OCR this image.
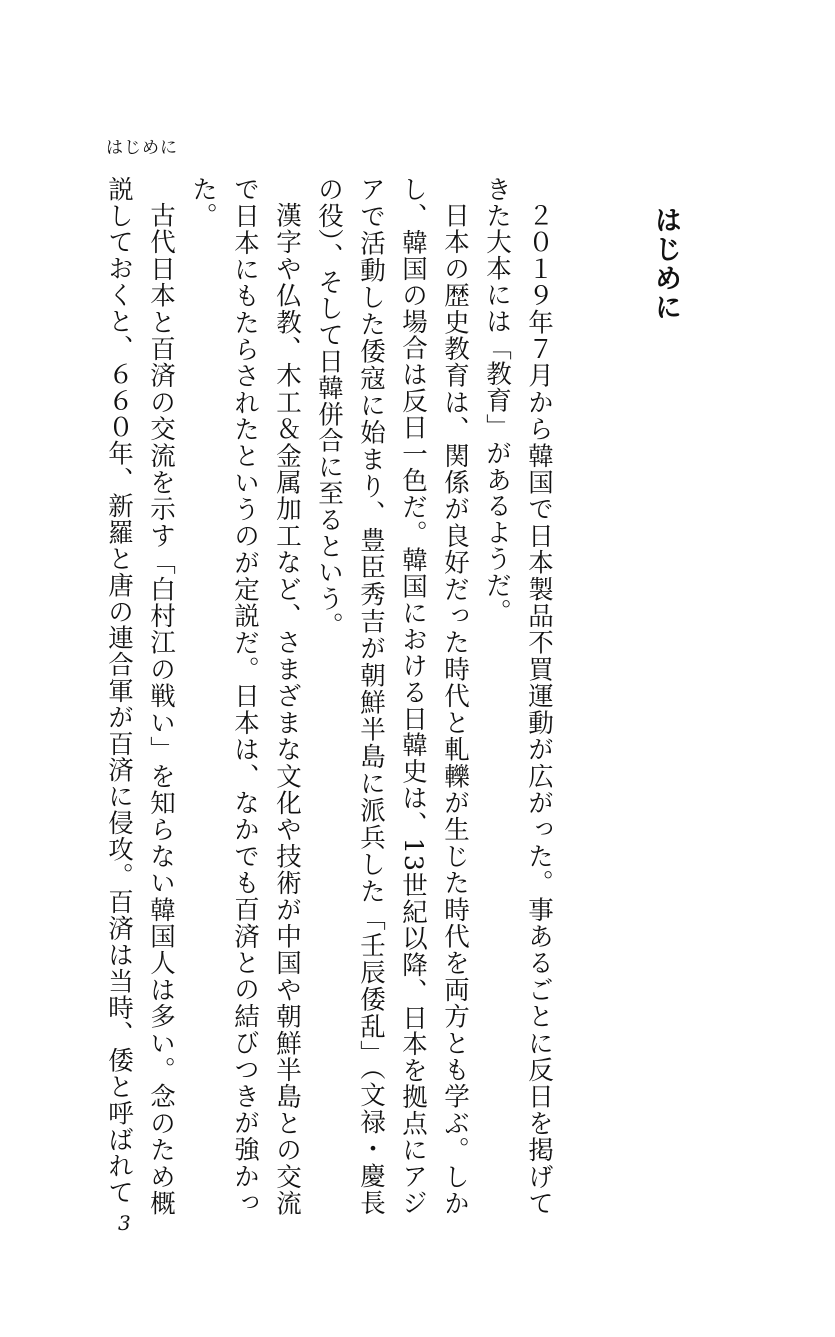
はじめに
はじめに

２０１９年７月から韓国で日本製品不買運動が広がった。事あるごとに反日を掲げてきた大本には「教育」があるようだ。

日本の歴史教育は、関係が良好だった時代と軋轢が生じた時代を両方とも学ぶ。しかし、韓国の場合は反日一色だ。韓国における日韓史は、13世紀以降、日本を拠点にアジアで活動した倭寇に始まり、豊臣秀吉が朝鮮半島に派兵した「壬辰倭乱」（文禄・慶長の役）、そして日韓併合に至るという。

漢字や仏教、木工＆金属加工など、さまざまな文化や技術が中国や朝鮮半島との交流で日本にもたらされたというのが定説だ。日本は、なかでも百済との結びつきが強かった。

古代日本と百済の交流を示す「白村江の戦い」を知らない韓国人は多い。念のため概説しておくと、６６０年、新羅と唐の連合軍が百済に侵攻。百済は当時、倭と呼ばれて

3
